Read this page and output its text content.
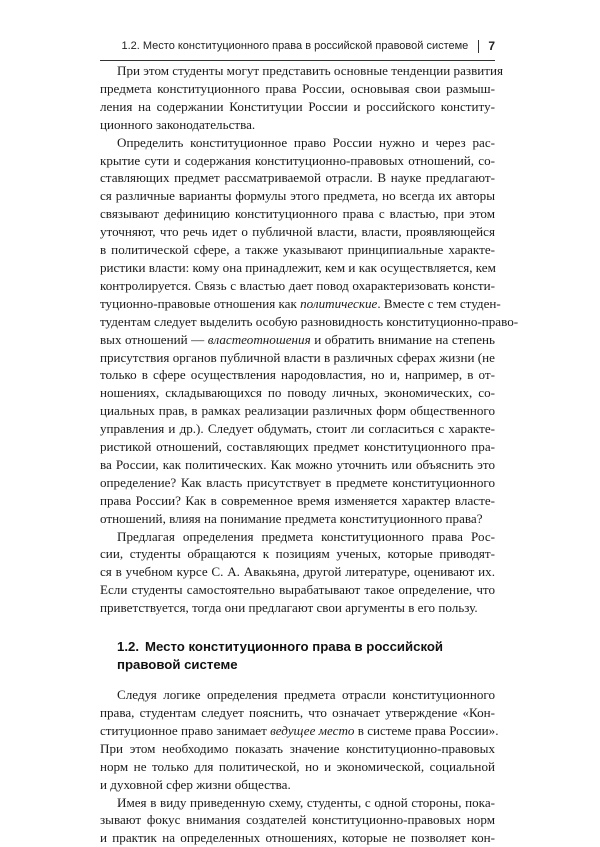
1.2. Место конституционного права в российской правовой системе 7

При этом студенты могут представить основные тенденции развития
предмета конституционного права России, основывая свои размыш-
ления на содержании Конституции России и российского конститу-
ционного законодательства.

Определить конституционное право России нужно и через рас-
крытие сути и содержания конституционно-правовых отношений, со-
ставляющих предмет рассматриваемой отрасли. В науке предлагают-
ся различные варианты формулы этого предмета, но всегда их авторы
связывают дефиницию конституционного права с властью, при этом
уточняют, что речь идет о публичной власти, власти, проявляющейся
в политической сфере, а также указывают принципиальные характе-
ристики власти: кому она принадлежит, кем и как осуществляется, кем
контролируется. Связь с властью дает повод охарактеризовать консти-
туционно-правовые отношения как политические. Вместе с тем студен-
тудентам следует выделить особую разновидность конституционно-право-
вых отношений — властеотношения и обратить внимание на степень
присутствия органов публичной власти в различных сферах жизни (не
только в сфере осуществления народовластия, но и, например, в от-
ношениях, складывающихся по поводу личных, экономических, со-
циальных прав, в рамках реализации различных форм общественного
управления и др.). Следует обдумать, стоит ли согласиться с характе-
ристикой отношений, составляющих предмет конституционного пра-
ва России, как политических. Как можно уточнить или объяснить это
определение? Как власть присутствует в предмете конституционного
права России? Как в современное время изменяется характер власте-
отношений, влияя на понимание предмета конституционного права?

Предлагая определения предмета конституционного права Рос-
сии, студенты обращаются к позициям ученых, которые приводят-
ся в учебном курсе С. А. Авакьяна, другой литературе, оценивают их.
Если студенты самостоятельно вырабатывают такое определение, что
приветствуется, тогда они предлагают свои аргументы в его пользу.

1.2. Место конституционного права в российской
правовой системе

Следуя логике определения предмета отрасли конституционного
права, студентам следует пояснить, что означает утверждение «Кон-
ституционное право занимает ведущее место в системе права России».
При этом необходимо показать значение конституционно-правовых
норм не только для политической, но и экономической, социальной
и духовной сфер жизни общества.

Имея в виду приведенную схему, студенты, с одной стороны, пока-
зывают фокус внимания создателей конституционно-правовых норм
и практик на определенных отношениях, которые не позволяет кон-
